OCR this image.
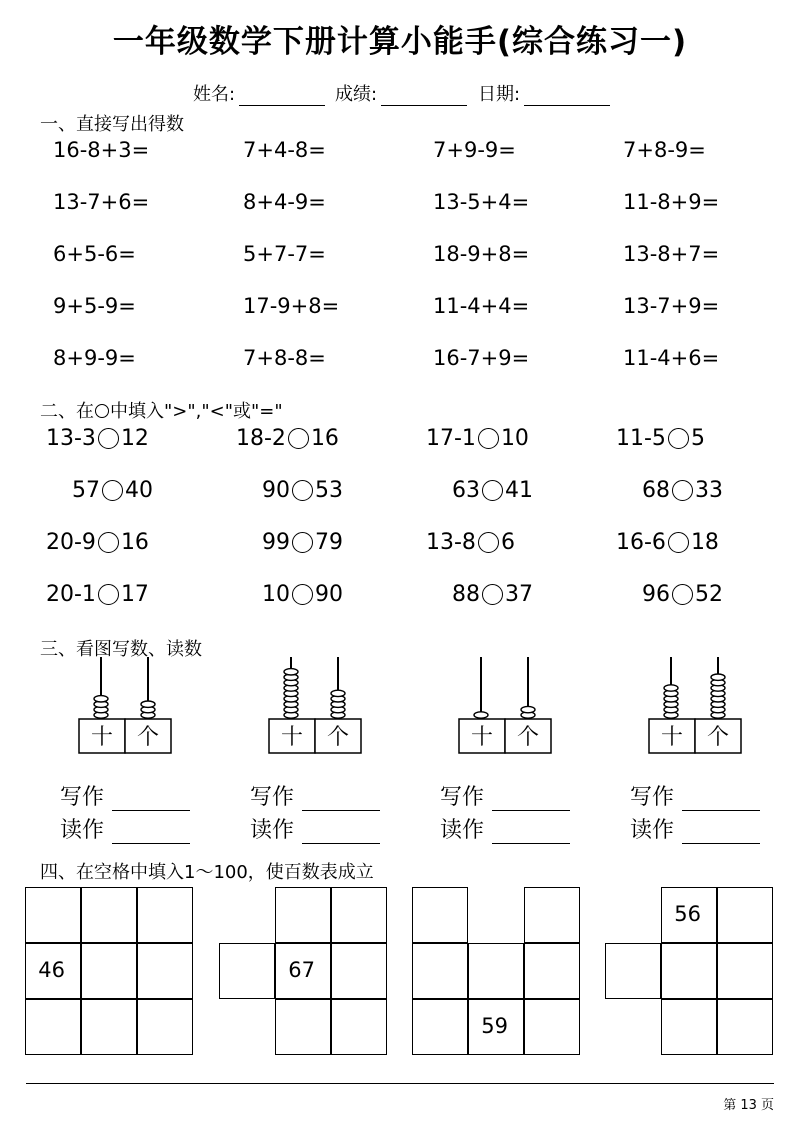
一年级数学下册计算小能手(综合练习一)
姓名:	成绩:	日期:
一、直接写出得数
16-8+3=	7+4-8=	7+9-9=	7+8-9=
13-7+6=	8+4-9=	13-5+4=	11-8+9=
6+5-6=	5+7-7=	18-9+8=	13-8+7=
9+5-9=	17-9+8=	11-4+4=	13-7+9=
8+9-9=	7+8-8=	16-7+9=	11-4+6=
二、在 中填入">","<"或"="
13-3 12	18-2 16	17-1 10	11-5 5
57 40	90 53	63 41	68 33
20-9 16	99 79	13-8 6	16-6 18
20-1 17	10 90	88 37	96 52
三、看图写数、读数
十 个
写作
读作
十 个
写作
读作
十 个
写作
读作
十 个
写作
读作
四、在空格中填入1～100，使百数表成立
46	67
59
56
第 13 页
